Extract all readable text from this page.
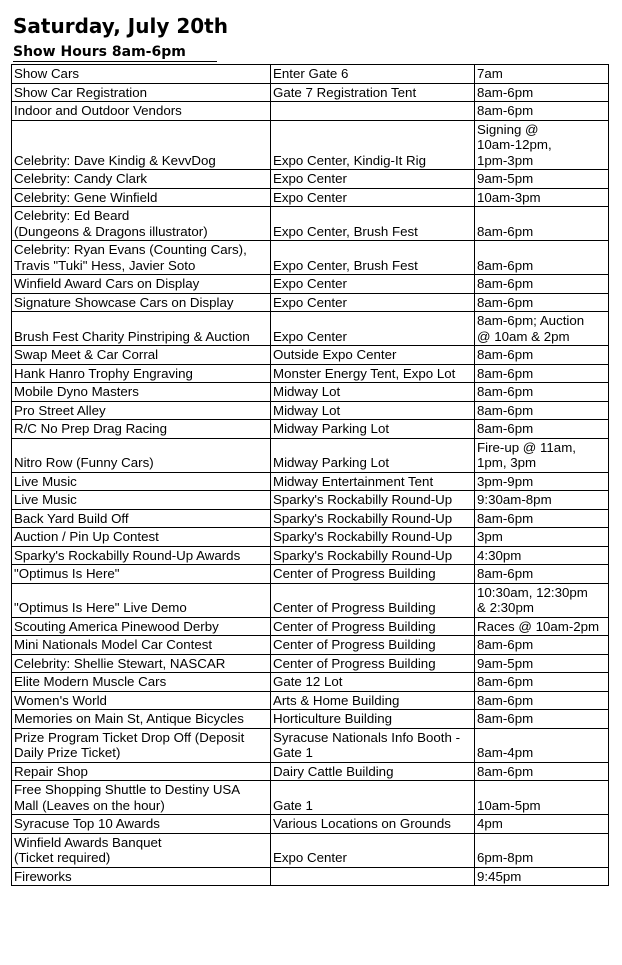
Saturday, July 20th
Show Hours 8am-6pm
Show Cars	Enter Gate 6	7am
Show Car Registration	Gate 7 Registration Tent	8am-6pm
Indoor and Outdoor Vendors		8am-6pm
Celebrity: Dave Kindig & KevvDog	Expo Center, Kindig-It Rig	Signing @
10am-12pm,
1pm-3pm
Celebrity: Candy Clark	Expo Center	9am-5pm
Celebrity: Gene Winfield	Expo Center	10am-3pm
Celebrity: Ed Beard
(Dungeons & Dragons illustrator)	Expo Center, Brush Fest	8am-6pm
Celebrity: Ryan Evans (Counting Cars),
Travis "Tuki" Hess, Javier Soto	Expo Center, Brush Fest	8am-6pm
Winfield Award Cars on Display	Expo Center	8am-6pm
Signature Showcase Cars on Display	Expo Center	8am-6pm
Brush Fest Charity Pinstriping & Auction	Expo Center	8am-6pm; Auction
@ 10am & 2pm
Swap Meet & Car Corral	Outside Expo Center	8am-6pm
Hank Hanro Trophy Engraving	Monster Energy Tent, Expo Lot	8am-6pm
Mobile Dyno Masters	Midway Lot	8am-6pm
Pro Street Alley	Midway Lot	8am-6pm
R/C No Prep Drag Racing	Midway Parking Lot	8am-6pm
Nitro Row (Funny Cars)	Midway Parking Lot	Fire-up @ 11am,
1pm, 3pm
Live Music	Midway Entertainment Tent	3pm-9pm
Live Music	Sparky's Rockabilly Round-Up	9:30am-8pm
Back Yard Build Off	Sparky's Rockabilly Round-Up	8am-6pm
Auction / Pin Up Contest	Sparky's Rockabilly Round-Up	3pm
Sparky's Rockabilly Round-Up Awards	Sparky's Rockabilly Round-Up	4:30pm
"Optimus Is Here"	Center of Progress Building	8am-6pm
"Optimus Is Here" Live Demo	Center of Progress Building	10:30am, 12:30pm
& 2:30pm
Scouting America Pinewood Derby	Center of Progress Building	Races @ 10am-2pm
Mini Nationals Model Car Contest	Center of Progress Building	8am-6pm
Celebrity: Shellie Stewart, NASCAR	Center of Progress Building	9am-5pm
Elite Modern Muscle Cars	Gate 12 Lot	8am-6pm
Women's World	Arts & Home Building	8am-6pm
Memories on Main St, Antique Bicycles	Horticulture Building	8am-6pm
Prize Program Ticket Drop Off (Deposit
Daily Prize Ticket)	Syracuse Nationals Info Booth -
Gate 1	8am-4pm
Repair Shop	Dairy Cattle Building	8am-6pm
Free Shopping Shuttle to Destiny USA
Mall (Leaves on the hour)	Gate 1	10am-5pm
Syracuse Top 10 Awards	Various Locations on Grounds	4pm
Winfield Awards Banquet
(Ticket required)	Expo Center	6pm-8pm
Fireworks		9:45pm
